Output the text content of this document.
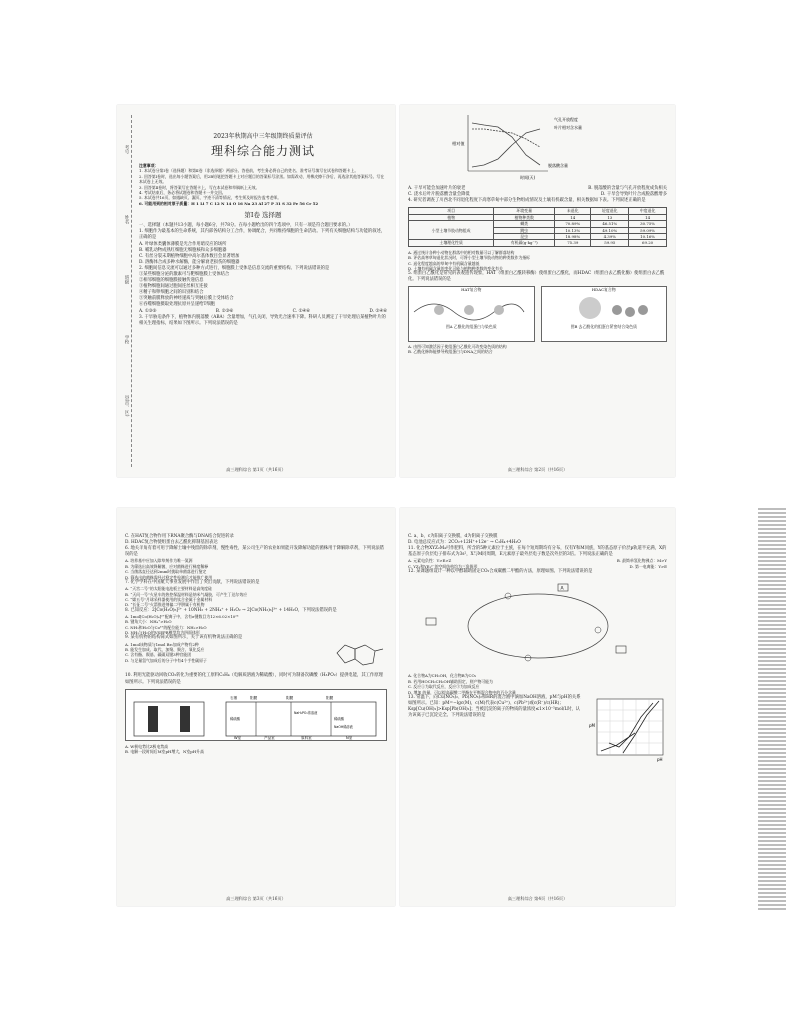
考号
姓名
班级
学校
县(市、区)
2023年秋期高中三年级期终质量评估
理科综合能力测试
注意事项：
1. 本试卷分第Ⅰ卷（选择题）和第Ⅱ卷（非选择题）两部分。答卷前，考生务必将自己的姓名、准考证号填写在试卷和答题卡上。
2. 回答第Ⅰ卷时，选出每小题答案后，用2B铅笔把答题卡上对应题目的答案标号涂黑。如需改动，用橡皮擦干净后，再选涂其他答案标号。写在本试卷上无效。
3. 回答第Ⅱ卷时，将答案写在答题卡上，写在本试卷和草稿纸上无效。
4. 考试结束后，务必将试题卷和答题卡一并交回。
5. 本试卷共16页，如遇缺页、漏页、字迹不清等情况，考生须及时报告监考老师。
6. 可能用到的相对原子质量：H 1 Li 7 C 12 N 14 O 16 Na 23 Al 27 P 31 S 32 Fe 56 Cr 52
第Ⅰ卷 选择题
一、选择题（本题共13小题，每小题6分，共78分。在每小题给出的四个选项中，只有一项是符合题目要求的。）
1. 细胞作为最基本的生命系统，其内部各结构分工合作，协调配合，共同维持细胞的生命活动。下列有关细胞结构与功能的叙述，正确的是
A. 叶绿体类囊体薄膜是光合作用暗反应的场所
B. 哺乳动物成熟红细胞无细胞核和众多细胞器
C. 有丝分裂末期植物细胞中高尔基体数目会显著增加
D. 溶酶体合成多种水解酶，能分解衰老损伤的细胞器
2. 细胞间信息交流可以通过多种方式进行，细胞膜上受体是信息交流的重要结构。下列说法错误的是
①某些细胞分泌的激素可与靶细胞膜上受体结合
②相邻细胞的细胞膜接触传递信息
③植物细胞间通过胞间连丝相互连接
④精子和卵细胞之间的识别和结合
⑤突触前膜释放的神经递质与突触后膜上受体结合
⑥吞噬细胞摄取处理抗原并呈递给T细胞
A. ①③⑤	B. ②③⑥	C. ①④⑥	D. ②④⑥
3. 干旱胁迫条件下，植物体内脱落酸（ABA）含量增加，气孔关闭，导致光合速率下降。科研人员测定了干旱处理后某植物叶片的相关生理指标，结果如下图所示。下列说法错误的是
高三理科综合 第1页（共16页）
相对值
时间(天)
气孔开放程度
叶片相对含水量
脱落酸含量
A. 干旱可能会加速叶片的衰老	B. 脱落酸的含量与气孔开放程度成负相关
C. 浇水后叶片脱落酸含量会降低	D. 干旱会导致叶片合成脱落酸增多
4. 研究者调查了川西北不同退化程度下高寒草甸中部分生物组成情况及土壤有机碳含量，相关数据如下表。下列叙述正确的是
项目	环境变量	未退化	轻度退化	中度退化
植物	植物种类数	14	13	14
小型土壤节肢动物组成	螨类	70.89%	46.51%	30.75%
	跳虫	10.13%	49.10%	59.09%
	昆虫	18.98%	4.39%	10.16%
土壤理化性质	有机碳(g·kg⁻¹)	75.39	59.95	69.20
A. 通过统计各种小动物在群落中的相对数量可以了解群落结构
B. 评估高寒草甸退化状况时，可将小型土壤节肢动物的种类数作为指标
C. 退化程度越高的草甸中有机碳含量越低
D. 土壤有机碳含量的变化可能与植物种类数的变化有关
5. 组蛋白乙酰化是常见的表观遗传现象，HAT（组蛋白乙酰转移酶）使组蛋白乙酰化，而HDAC（组蛋白去乙酰化酶）使组蛋白去乙酰化。下列说法错误的是
HAT复合物
图A 乙酰化的组蛋白与染色质
HDAC复合物
图B 去乙酰化的组蛋白紧密结合染色质
A. 由图可知激活因子使组蛋白乙酰化可改变染色质的结构
B. 乙酰化修饰能够导致组蛋白与DNA之间的结合
高三理科综合 第2页（共16页）
C. 在HAT复合物作用下RNA聚合酶与DNA结合促进转录
D. HDAC复合物使组蛋白去乙酰化抑制基因表达
6. 地关羊角有着可用于降解土壤中残留的除草剂，慢性毒性，某公司生产的农业如果能开发降解功能的菌株用于降解除草剂，下列说法错误的是
A. 培养基中应加入除草剂作为唯一氮源
B. 为筛选出高效降解菌，应对菌株进行梯度稀释
C. 当菌落直径达到2mm时挑取单菌落进行鉴定
D. 筛选出的菌株需经过稳定性检测后才能推广使用
7. 化学学科在中国航天事业发展中作出了突出贡献，下列说法错误的是
A. “天宫二号”的太阳能电池板主要材料是高纯度硅
B. “天问一号”火星车的热控保温材料是纳米气凝胶，可产生丁达尔效应
C. “嫦五号”月球采样器使用的钛合金属于金属材料
D. “长征二号”火箭推进剂偏二甲肼属于有机物
8. 已知反应：2[Co(H₂O)₆]²⁺ + 10NH₃ + 2NH₄⁺ + H₂O₂ → 2[Co(NH₃)₆]³⁺ + 14H₂O，下列说法错误的是
A. 1mol[Co(H₂O)₆]²⁺配离子中，含有σ键数目为12×6.02×10²³
B. 键角大小：NH₄⁺>H₂O
C. NH₃和H₂O与Co³⁺的配位能力：NH₃>H₂O
D. NH₃与H₂O的VSEPR模型均为四面体形
9. 某有机物的结构简式如图所示，关于该有机物说法正确的是
A. 1mol该物质与1mol Br₂加成产物有2种
B. 能发生加成、取代、加聚、聚合、氧化反应
C. 含有酯、羰基、碳碳双键3种官能团
D. 与足量氢气加成后的分子中有4个手性碳原子
10. 利用光能驱动回收CO₂转化为重要的化工原料C₂H₄（电解质溶液为稀硫酸），同时可为制备次磷酸（H₃PO₂）提供电能，其工作原理如图所示。下列说法错误的是
石墨	阳膜	阴膜	阳膜
W室	产品室	原料室	N室
稀硫酸	稀硫酸
NaH₂PO₂浓溶液
NaOH稀溶液
A. W极电势比Z极电势高
B. 电解一段时间后M室pH增大，N室pH升高
高三理科综合 第3页（共16页）
C. a、b、c为阳离子交换膜，d为阴离子交换膜
D. 电池总反应式为：2CO₂+12H⁺+12e⁻ → C₂H₄+4H₂O
11. 化合物XYZ₂M₄可作肥料，所含的5种元素位于主族，在每个短周期均有分布，仅有Y和M同族，Y的基态原子价层p轨道半充满，X的基态原子价层电子排布式为3s²，X与M同周期，E元素原子最外层电子数是次外层的3倍。下列说法正确的是
A. 元素电负性：Y>E>Z	B. 最简单氢化物沸点：M>Y
C. YZ₂和YE₃²⁻的空间结构均为三角锥形	D. 第一电离能：Y>E
12. 某课题组设计一种以甲醇辅助固定CO₂合成碳酸二甲酯的方法，原理如图。下列说法错误的是
A
A. 化合物A为CH₃OH，化合物B为CO₂
B. 若用HOCH₂CH₂OH辅助固定，则产物可能为
C. 反应①为取代反应，反应③为加成反应
D. 增加 的量，可以提高碳酸二甲酯在平衡混合物中的百分含量
13. 常温下，向Cu(NO₃)₂、Pb(NO₃)₂和HR的混合液中滴加NaOH溶液，pM与pH的关系如图所示。已知：pM=−lgc(M)，c(M)代表c(Cu²⁺)、c(Pb²⁺)或c(R⁻)/c(HR)；Ksp[Cu(OH)₂]>Ksp[Pb(OH)₂]；当被沉淀的离子的物质的量浓度≤1×10⁻⁵mol/L时，认为该离子已沉淀完全。下列说法错误的是
pM
pH
高三理科综合 第4页（共16页）
